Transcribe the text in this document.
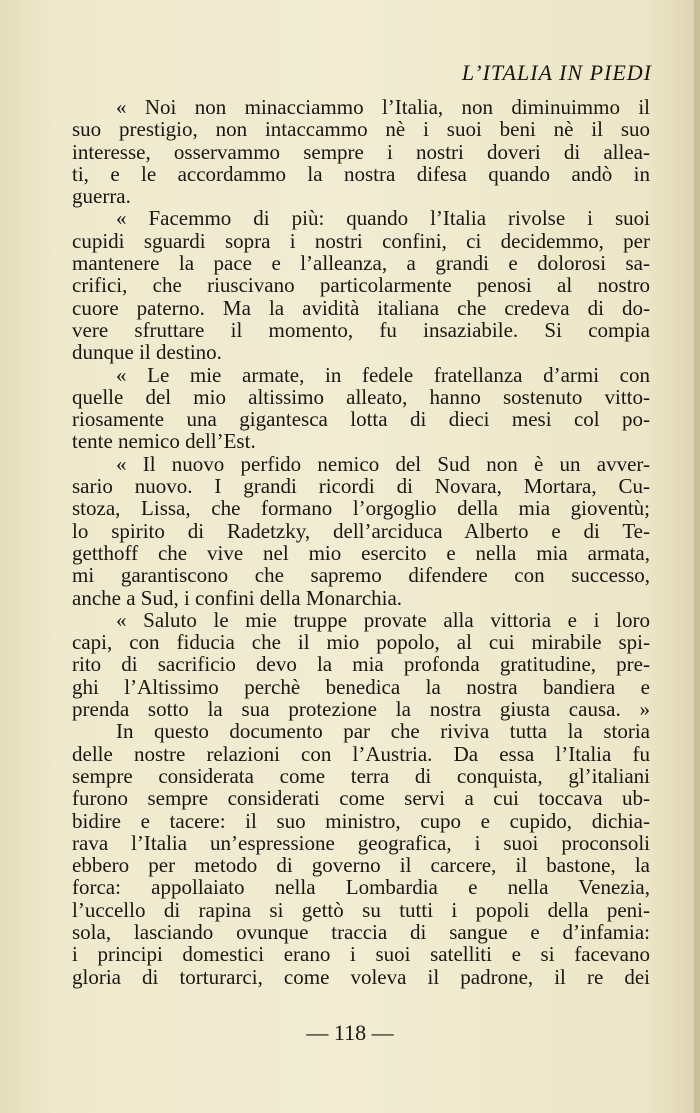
L’ITALIA IN PIEDI
« Noi non minacciammo l’Italia, non diminuimmo il
suo prestigio, non intaccammo nè i suoi beni nè il suo
interesse, osservammo sempre i nostri doveri di allea-
ti, e le accordammo la nostra difesa quando andò in
guerra.
« Facemmo di più: quando l’Italia rivolse i suoi
cupidi sguardi sopra i nostri confini, ci decidemmo, per
mantenere la pace e l’alleanza, a grandi e dolorosi sa-
crifici, che riuscivano particolarmente penosi al nostro
cuore paterno. Ma la avidità italiana che credeva di do-
vere sfruttare il momento, fu insaziabile. Si compia
dunque il destino.
« Le mie armate, in fedele fratellanza d’armi con
quelle del mio altissimo alleato, hanno sostenuto vitto-
riosamente una gigantesca lotta di dieci mesi col po-
tente nemico dell’Est.
« Il nuovo perfido nemico del Sud non è un avver-
sario nuovo. I grandi ricordi di Novara, Mortara, Cu-
stoza, Lissa, che formano l’orgoglio della mia gioventù;
lo spirito di Radetzky, dell’arciduca Alberto e di Te-
getthoff che vive nel mio esercito e nella mia armata,
mi garantiscono che sapremo difendere con successo,
anche a Sud, i confini della Monarchia.
« Saluto le mie truppe provate alla vittoria e i loro
capi, con fiducia che il mio popolo, al cui mirabile spi-
rito di sacrificio devo la mia profonda gratitudine, pre-
ghi l’Altissimo perchè benedica la nostra bandiera e
prenda sotto la sua protezione la nostra giusta causa. »
In questo documento par che riviva tutta la storia
delle nostre relazioni con l’Austria. Da essa l’Italia fu
sempre considerata come terra di conquista, gl’italiani
furono sempre considerati come servi a cui toccava ub-
bidire e tacere: il suo ministro, cupo e cupido, dichia-
rava l’Italia un’espressione geografica, i suoi proconsoli
ebbero per metodo di governo il carcere, il bastone, la
forca: appollaiato nella Lombardia e nella Venezia,
l’uccello di rapina si gettò su tutti i popoli della peni-
sola, lasciando ovunque traccia di sangue e d’infamia:
i principi domestici erano i suoi satelliti e si facevano
gloria di torturarci, come voleva il padrone, il re dei
— 118 —
